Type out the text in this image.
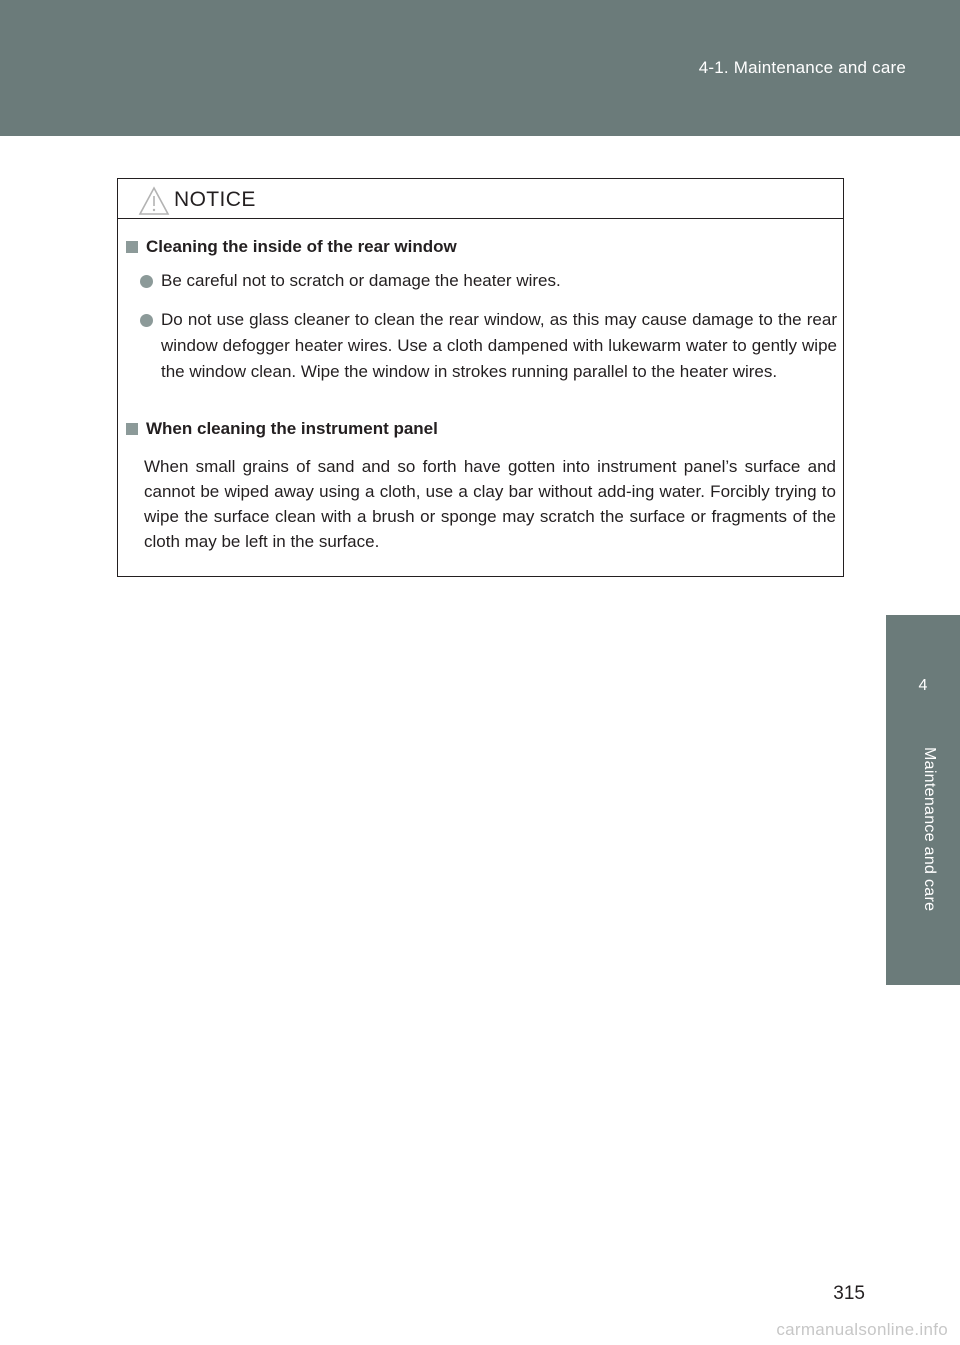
4-1. Maintenance and care
4
Maintenance and care
NOTICE
Cleaning the inside of the rear window
Be careful not to scratch or damage the heater wires.
Do not use glass cleaner to clean the rear window, as this may cause damage to the rear window defogger heater wires. Use a cloth dampened with lukewarm water to gently wipe the window clean. Wipe the window in strokes running parallel to the heater wires.
When cleaning the instrument panel
When small grains of sand and so forth have gotten into instrument panel’s surface and cannot be wiped away using a cloth, use a clay bar without add-ing water. Forcibly trying to wipe the surface clean with a brush or sponge may scratch the surface or fragments of the cloth may be left in the surface.
315
carmanualsonline.info
